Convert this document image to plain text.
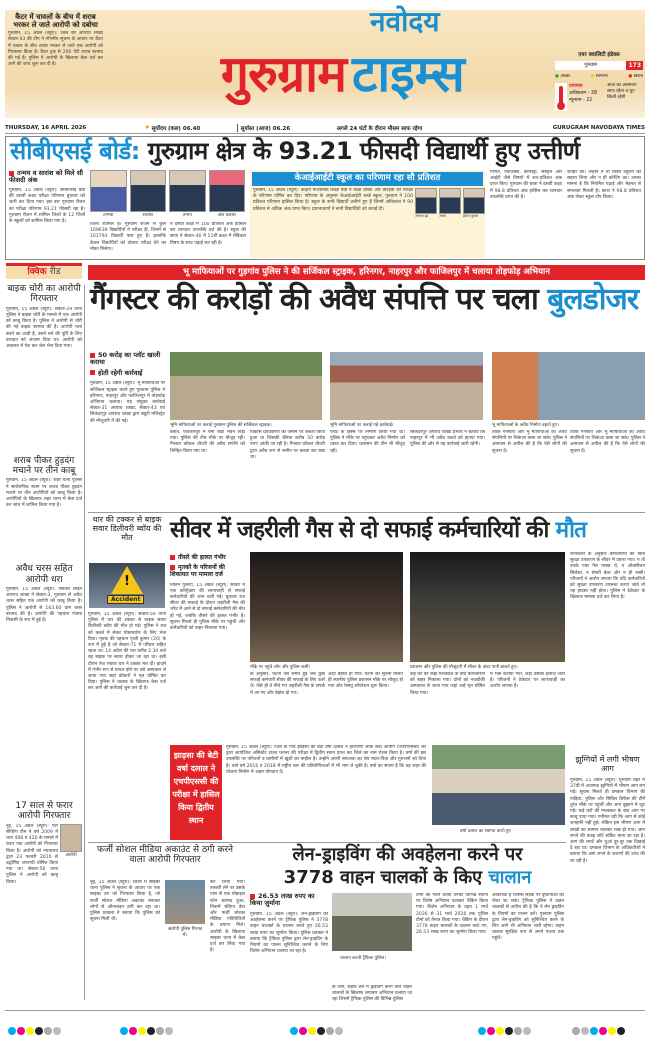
कैंटर में चावलों के बीच में शराब भरकर ले जाते आरोपी को दबोचा
गुरुग्राम, 15 अप्रैल (ब्यूरो): जिले की अपराध शाखा सेक्टर-43 की टीम ने गोपनीय सूचना के आधार पर कैंटर में चावल के बीच शराब भरकर ले जाते एक आरोपी को गिरफ्तार किया है। कैंटर ट्रक से 200 पेटी शराब बरामद की गई है। पुलिस ने आरोपी के खिलाफ केस दर्ज कर आगे की जांच शुरू कर दी है।
नवोदय
गुरुग्राम टाइम्स	एयर क्वालिटी इंडेक्स
गुरुग्राम	173
● अच्छा	● सामान्य	● खराब
तापमान
अधिकतम - 38
न्यूनतम - 22
आज का आसमान साफ रहेगा व धूप खिली रहेगी
THURSDAY, 16 APRIL 2026	✹ सूर्योदय (कल) 06.40	सूर्यास्त (आज) 06.26	अगले 24 घंटों के दौरान मौसम साफ रहेगा	GURUGRAM NAVODAYA TIMES
सीबीएसई बोर्ड: गुरुग्राम क्षेत्र के 93.21 फीसदी विद्यार्थी हुए उत्तीर्ण
तन्मय व सारांश को मिले सौ फीसदी अंक
गुरुग्राम, 15 अप्रैल (ब्यूरो): सीबीएसई बोर्ड की दसवीं कक्षा परीक्षा परिणाम बुधवार को जारी कर दिया गया। इस बार गुरुग्राम रीजन का परीक्षा परिणाम 93.21 फीसदी रहा है। गुरुग्राम रीजन में शामिल जिलों के 12 जिलों के स्कूलों को शामिल किया गया है।
तन्मया	सारांश	तन्मय	अंश प्रकाश
जिला शामिल है। गुरुग्राम रीजन से कुल 109639 विद्यार्थियों ने परीक्षा दी, जिनमें से 101793 विद्यार्थी पास हुए हैं। हालांकि केवल विद्यार्थियों को दोबारा परीक्षा देने का मौका मिलेगा।
ने दसवीं कक्षा में 100 प्रतिशत अंक हासिल कर शानदार उपलब्धि दर्ज की है। स्कूल की छात्रा ने सेक्टर-46 में 11वीं कक्षा में मेडिकल विषय के साथ पढ़ाई कर रही है।
केआईआईटी स्कूल का परिणाम रहा सौ प्रतिशत
गुरुग्राम, 15 अप्रैल (ब्यूरो): केंद्रीय माध्यमिक शिक्षा बोर्ड ने कक्षा दसवीं और बारहवीं की परीक्षा के परिणाम घोषित कर दिए। परिणाम के अनुसार केआईआईटी वर्ल्ड स्कूल, गुरुग्राम ने 100 प्रतिशत परिणाम हासिल किया है। स्कूल के सभी विद्यार्थी उत्तीर्ण हुए हैं जिनमें अधिकांश ने 90 प्रतिशत से अधिक अंक प्राप्त किए। प्रधानाचार्या ने सभी विद्यार्थियों को बधाई दी।
अनन्या झा	आरव	ईशान कुमार
गणित, फिजिक्स, केमिस्ट्री, संस्कृत और आईटी जैसे विषयों में शत-प्रतिशत अंक प्राप्त किए। गुरुग्राम की छात्रा ने दसवीं कक्षा में 98.8 प्रतिशत अंक हासिल कर शानदार उपलब्धि प्राप्त की है।
जाहिर की। उन्होंने न तो किसी ट्यूशन का सहारा लिया और न ही कोचिंग का। उनका मानना है कि नियमित पढ़ाई और मेहनत से सफलता मिलती है। छात्रा ने 98.8 प्रतिशत अंक लेकर स्कूल टॉप किया।
क्विक रीड
बाइक चोरी का आरोपी गिरफ्तार
गुरुग्राम, 15 अप्रैल (ब्यूरो): सेक्टर-29 थाना पुलिस ने बाइक चोरी के मामले में एक आरोपी को काबू किया है। पुलिस ने आरोपी से चोरी की गई बाइक बरामद की है। आरोपी नशा करने का आदी है, उसने नशे की पूर्ति के लिए वारदात को अंजाम दिया था। आरोपी को अदालत में पेश कर जेल भेज दिया गया।
शराब पीकर हुड़दंग मचाने पर तीन काबू
गुरुग्राम, 15 अप्रैल (ब्यूरो): शहर थाना पुलिस ने सार्वजनिक स्थान पर शराब पीकर हुड़दंग मचाने पर तीन आरोपियों को काबू किया है। आरोपियों के खिलाफ शहर थाना में केस दर्ज कर जांच में शामिल किया गया है।
अवैध चरस सहित आरोपी धरा
गुरुग्राम, 15 अप्रैल (ब्यूरो): सिविल लाइन अपराध शाखा ने सेक्टर-3, गुरुग्राम से अवैध चरस सहित एक आरोपी को काबू किया है। पुलिस ने आरोपी से 163.60 ग्राम चरस बरामद की है। आरोपी की पहचान पंजाब निवासी के रूप में हुई है।
17 साल से फरार आरोपी गिरफ्तार
नूंह, 15 अप्रैल (ब्यूरो): एंटी सेफ्टिंग टीम ने वर्ष 2009 में धारा 406 व 420 के मामले में फरार एक आरोपी को गिरफ्तार किया है। आरोपी को न्यायालय द्वारा 23 फरवरी 2010 से उद्घोषित अपराधी घोषित किया गया था। सेक्टर-58 थाना पुलिस ने आरोपी को काबू किया।
आरोपी
भू माफियाओं पर गुड़गांव पुलिस ने की सर्जिकल स्ट्राइक, हरिनगर, नाहरपुर और फाजिलपुर में चलाया तोड़फोड़ अभियान
गैंगस्टर की करोड़ों की अवैध संपत्ति पर चला बुलडोजर
50 करोड़ का प्लॉट खाली कराया
होती रहेगी कार्रवाई
गुरुग्राम, 15 अप्रैल (ब्यूरो): भू माफियाओं पर सर्जिकल स्ट्राइक करते हुए गुरुग्राम पुलिस ने हरिनगर, नाहरपुर और फाजिलपुर में तोड़फोड़ अभियान चलाया। यह संयुक्त कार्रवाई सेक्टर-31 अपराध शाखा, सेक्टर-43 एवं सिकंदरपुर अपराध शाखा द्वारा ड्यूटी मजिस्ट्रेट की मौजूदगी में की गई।
भूमि माफियाओं पर चलाई गुरुग्राम पुलिस की सर्जिकल स्ट्राइक।	भूमि माफियाओं पर चलाई गई कार्रवाई।	भू माफियाओं के अवैध निर्माण ढहाते हुए।
बताते, फाजिलपुर में बना रखा भवन तोड़ा गया। पुलिस की टीम मौके पर मौजूद रही। गैंगस्टर कौशल चौधरी की अवैध संपत्ति को चिन्हित किया गया था।
विकास प्राधिकरण की जमीन पर कब्जा किया हुआ था जिसकी कीमत करीब 50 करोड़ रुपए आंकी जा रही है। गैंगस्टर कौशल चौधरी द्वारा अवैध रूप से जमीन पर कब्जा कर रखा था।
प्लाट के हिस्से पर निर्माण किया गया था। पुलिस ने मौके पर पहुंचकर अवैध निर्माण को ध्वस्त कर दिया। प्रशासन की टीम भी मौजूद रही।
सिकंदरपुर अपराध शाखा प्रभारी ने बताया कि नाहरपुर में भी अवैध कब्जे को हटाया गया। पुलिस की ओर से यह कार्रवाई जारी रहेगी।
ताकि गैंगस्टरों और भू माफियाओं की अवैध संपत्तियों पर शिकंजा कसा जा सके। पुलिस ने आमजन से अपील की है कि ऐसे लोगों की सूचना दें।
ताकि गैंगस्टरों और भू माफियाओं की अवैध संपत्तियों पर शिकंजा कसा जा सके। पुलिस ने आमजन से अपील की है कि ऐसे लोगों की सूचना दें।
थार की टक्कर से बाइक सवार डिलीवरी ब्वॉय की मौत
!
Accident
गुरुग्राम, 15 अप्रैल (ब्यूरो): सेक्टर-50 थाना पुलिस में थार की टक्कर से बाइक सवार डिलीवरी ब्वॉय की मौत हो गई। पुलिस ने शव को कब्जे में लेकर पोस्टमार्टम के लिए भेज दिया। मृतक की पहचान पृथ्वी कुमार (20) के रूप में हुई है जो सेक्टर-71 में परिवार सहित रहता था। 14 अप्रैल की रात करीब 2.30 बजे वह बाइक पर सवार होकर जा रहा था। इसी दौरान तेज रफ्तार थार ने टक्कर मार दी। हादसे में गंभीर रूप से घायल होने पर उसे अस्पताल ले जाया गया जहां डॉक्टरों ने मृत घोषित कर दिया। पुलिस ने चालक के खिलाफ केस दर्ज कर आगे की कार्रवाई शुरू कर दी है।
सीवर में जहरीली गैस से दो सफाई कर्मचारियों की मौत
तीसरे की हालत गंभीर
मृतकों के परिजनों की शिकायत पर मामला दर्ज
नितिन गुलाटी, 15 अप्रैल (ब्यूरो): सेक्टर में एक कॉन्ट्रैक्टर की लापरवाही से सफाई कर्मचारियों की जान चली गई। बुधवार रात सीवर की सफाई के दौरान जहरीली गैस की चपेट में आने से दो सफाई कर्मचारियों की मौत हो गई, जबकि तीसरे की हालत गंभीर है। सूचना मिलते ही पुलिस मौके पर पहुंची और कर्मचारियों को बाहर निकाला गया।
मौके पर पहुंचे लोग और पुलिस कर्मी।	प्रशासन और पुलिस की मौजूदगी में सीवर के अंदर पानी डालते हुए।
के अनुसार, घटना उस समय हुई जब कुछ सफाई कर्मचारी सीवर की सफाई के लिए उतरे थे। जैसे ही वे नीचे गए जहरीली गैस के संपर्क में आ गए और बेहोश हो गए।
अंदर बेहोश हो गया। घटना की सूचना मिलते ही स्थानीय पुलिस प्रशासन मौके पर मौजूद हो गया और रेस्क्यू ऑपरेशन शुरू किया।
कई घंटे की कड़ी मशक्कत के बाद कर्मचारियों को बाहर निकाला गया। दोनों को नजदीकी अस्पताल ले जाया गया जहां उन्हें मृत घोषित किया गया।
में भर्ती कराया गया, जहां उसका इलाज जारी है। परिजनों ने ठेकेदार पर लापरवाही का आरोप लगाया है।
जानकारी के अनुसार कर्मचारियों को बिना सुरक्षा उपकरण के सीवर में उतारा गया। न तो उनके पास गैस मास्क थे, न ऑक्सीजन सिलेंडर, न सेफ्टी बेल्ट और न ही रस्सी। परिजनों ने आरोप लगाया कि यदि कर्मचारियों को सुरक्षा उपकरण उपलब्ध कराए जाते तो यह हादसा नहीं होता। पुलिस ने ठेकेदार के खिलाफ मामला दर्ज कर लिया है।
झाड़सा की बेटी वर्षा दलाल ने एचपीएससी की परीक्षा में हासिल किया द्वितीय स्थान
गुरुग्राम, 15 अप्रैल (ब्यूरो): जिले के गांव झाड़सा की बेटी वर्षा दलाल ने हरियाणा लोक सेवा आयोग (एचपीएससी) की द्वारा आयोजित असिस्टेंट टाउन प्लानर की परीक्षा में द्वितीय स्थान प्राप्त कर जिले का नाम रोशन किया है। वर्षा की इस उपलब्धि पर परिजनों व ग्रामीणों में खुशी का माहौल है। उन्होंने अपनी सफलता का श्रेय माता-पिता और गुरुजनों को दिया है। वर्षा वर्ष 2016 व 2018 में राष्ट्रीय स्तर की प्रतियोगिताओं में भी भाग ले चुकी है। वर्षा का सपना है कि वह शहर की योजना निर्माण में अहम योगदान दे।
वर्षा दलाल का स्वागत करते हुए
झुग्गियों में लगी भीषण आग
गुरुग्राम, 15 अप्रैल (ब्यूरो): गुरुग्राम शहर में 37वीं में अचानक झुग्गियों में भीषण आग लग गई। सूचना मिलते ही दमकल विभाग की गाड़ियां, पुलिस और सिविल डिफेंस की टीमें तुरंत मौके पर पहुंचीं और आग बुझाने में जुट गईं। कई घंटों की मशक्कत के बाद आग पर काबू पाया गया। गनीमत रही कि आग से कोई जनहानि नहीं हुई। लेकिन इस भीषण आग में लाखों का सामान जलकर राख हो गया। आग लगने की वजह शॉर्ट सर्किट माना जा रहा है। आग की लपटें और धुआं दूर-दूर तक दिखाई दे रहा था। दमकल विभाग के अधिकारियों ने बताया कि आग लगने के कारणों की जांच की जा रही है।
फर्जी सोशल मीडिया अकाउंट से ठगी करने वाला आरोपी गिरफ्तार
नूंह, 15 अप्रैल (ब्यूरो): जिला में साइबर थाना पुलिस ने सूचना के आधार पर एक साइबर ठग को गिरफ्तार किया है, जो फर्जी सोशल मीडिया अकाउंट बनाकर लोगों से ऑनलाइन ठगी कर रहा था। पुलिस प्रवक्ता ने बताया कि पुलिस को सूचना मिली थी।
आरोपी पुलिस गिरफ्त में।
कर लिया गया। तलाशी लेने पर उसके पास से एक मोबाइल फोन बरामद हुआ, जिसमें संदिग्ध डेटा और फर्जी सोशल मीडिया गतिविधियों के प्रमाण मिले। आरोपी के खिलाफ साइबर थाना में केस दर्ज कर लिया गया है।
लेन-ड्राइविंग की अवहेलना करने पर
3778 वाहन चालकों के किए चालान
26.53 लाख रुपए का किया जुर्माना
गुरुग्राम, 15 अप्रैल (ब्यूरो): लेन-ड्राइविंग की अवहेलना करने पर ट्रैफिक पुलिस ने 3778 वाहन चालकों के चालान करते हुए 26.53 लाख रुपए का जुर्माना किया। पुलिस प्रवक्ता ने बताया कि ट्रैफिक पुलिस द्वारा लेन-ड्राइविंग के नियमों का पालन सुनिश्चित कराने के लिए विशेष अभियान चलाया जा रहा है।
चालान करती ट्रैफिक पुलिस।
के लिए, सड़क लेन में ड्राइविंग करने वाले वाहन चालकों के खिलाफ लगातार अभियान चलाया जा रहा जिसमें ट्रैफिक पुलिस की विभिन्न पुलिस
टीमों का गठन करके उनको विभिन्न स्थानों पर विशेष अभियान चलाकर चैकिंग किया गया। विशेष अभियान के तहत 1 मार्च 2026 से 31 मार्च 2026 तक पुलिस टीमों को तैनात किया गया। चैकिंग के दौरान 3778 वाहन चालकों के चालान काटे गए, 26.53 लाख रुपए का जुर्माना किया गया।
आवश्यक है जिससे सड़क पर दुर्घटनाओं को रोका जा सके। ट्रैफिक पुलिस ने वाहन चालकों से अपील की है कि वे लेन ड्राइविंग के नियमों का पालन करें। गुरुग्राम पुलिस द्वारा लेन-ड्राइविंग को सुनिश्चित करने के लिए आगे भी अभियान जारी रहेगा। वाहन चालक सुरक्षित रूप से अपने गंतव्य तक पहुंचें।
